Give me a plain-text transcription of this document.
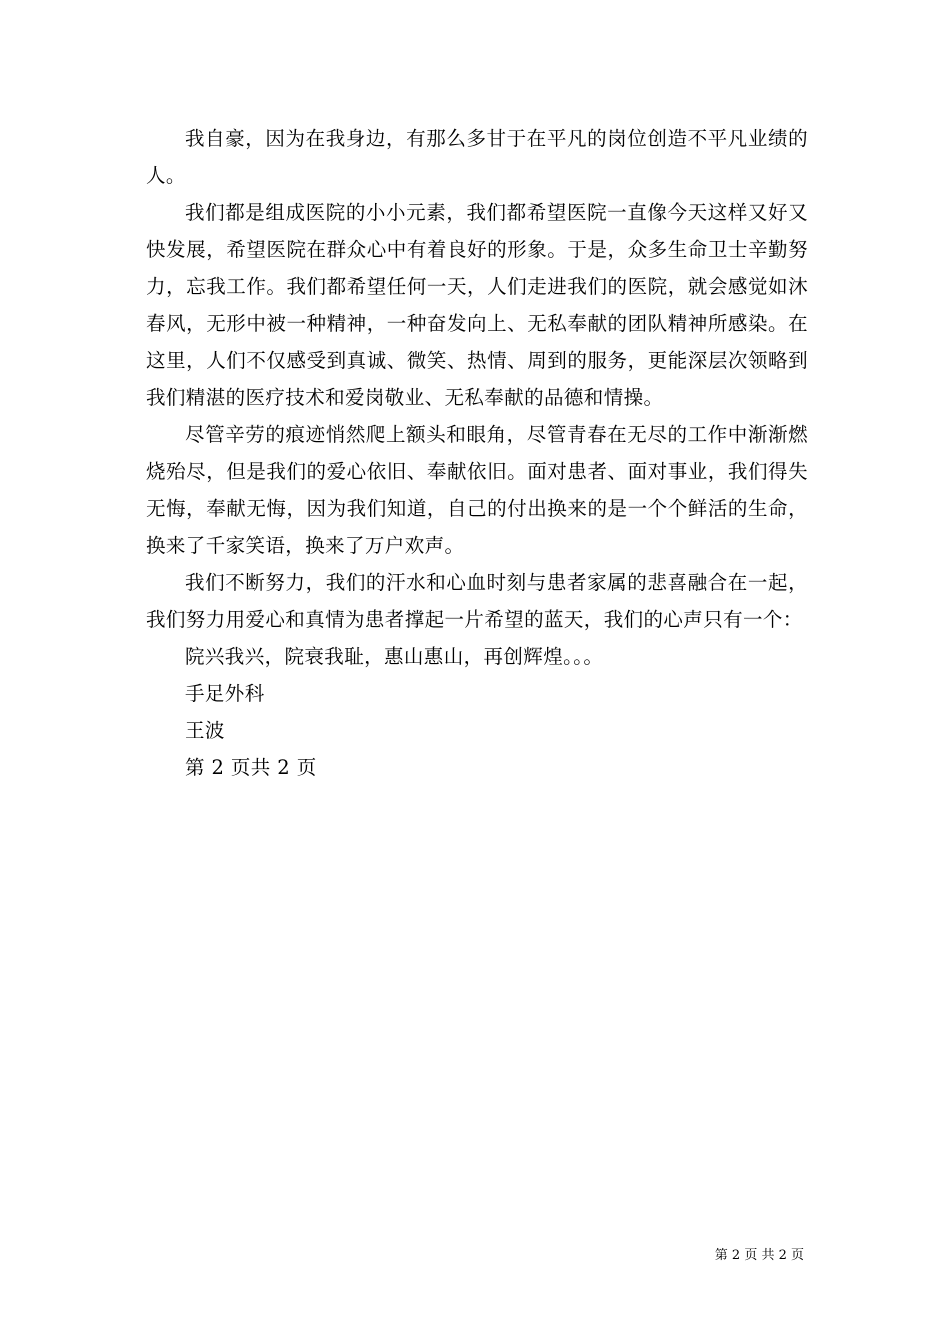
我自豪，因为在我身边，有那么多甘于在平凡的岗位创造不平凡业绩的人。

我们都是组成医院的小小元素，我们都希望医院一直像今天这样又好又快发展，希望医院在群众心中有着良好的形象。于是，众多生命卫士辛勤努力，忘我工作。我们都希望任何一天，人们走进我们的医院，就会感觉如沐春风，无形中被一种精神，一种奋发向上、无私奉献的团队精神所感染。在这里，人们不仅感受到真诚、微笑、热情、周到的服务，更能深层次领略到我们精湛的医疗技术和爱岗敬业、无私奉献的品德和情操。

尽管辛劳的痕迹悄然爬上额头和眼角，尽管青春在无尽的工作中渐渐燃烧殆尽，但是我们的爱心依旧、奉献依旧。面对患者、面对事业，我们得失无悔，奉献无悔，因为我们知道，自己的付出换来的是一个个鲜活的生命，换来了千家笑语，换来了万户欢声。

我们不断努力，我们的汗水和心血时刻与患者家属的悲喜融合在一起，我们努力用爱心和真情为患者撑起一片希望的蓝天，我们的心声只有一个：

院兴我兴，院衰我耻，惠山惠山，再创辉煌。。。

手足外科

王波

第 2 页共 2 页

第 2 页 共 2 页
